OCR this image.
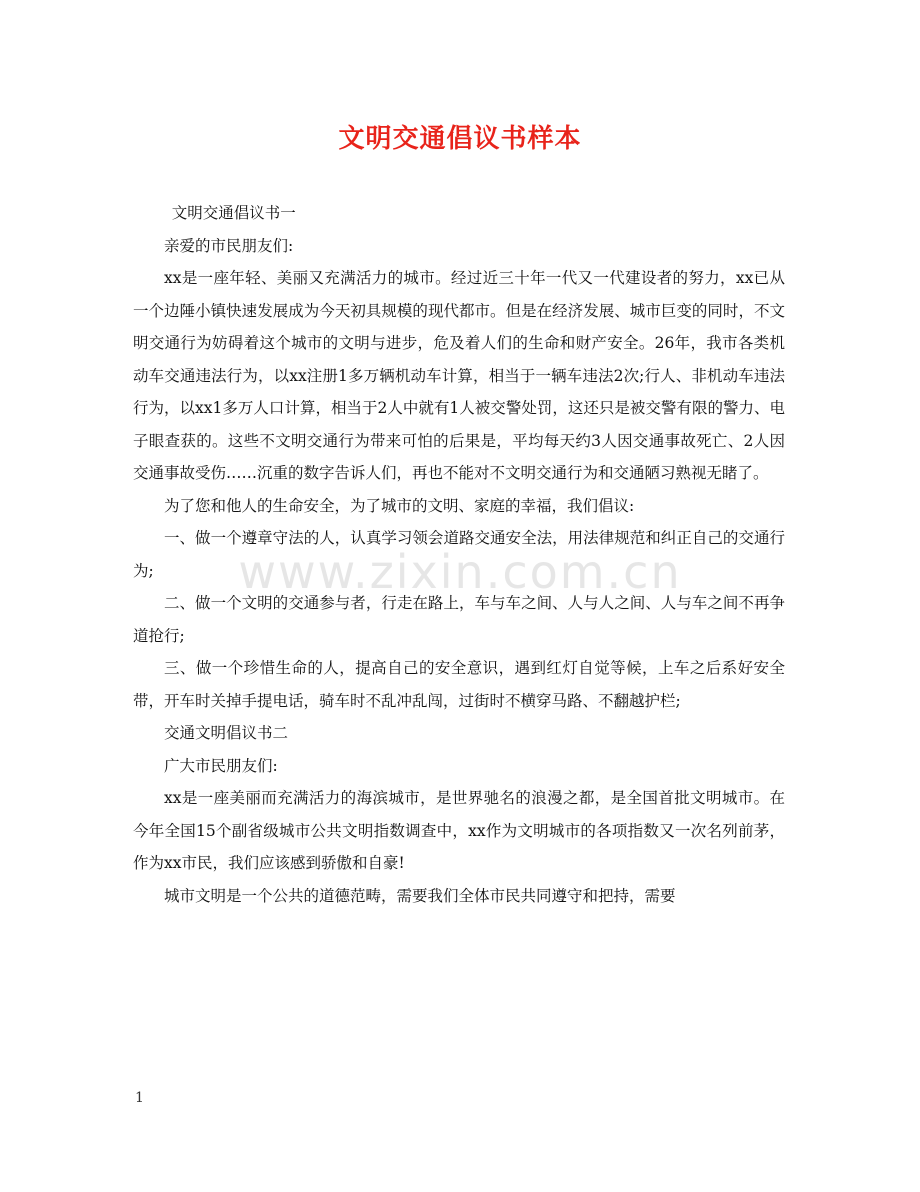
文明交通倡议书样本

文明交通倡议书一

亲爱的市民朋友们:

xx是一座年轻、美丽又充满活力的城市。经过近三十年一代又一代建设者的努力，xx已从一个边陲小镇快速发展成为今天初具规模的现代都市。但是在经济发展、城市巨变的同时，不文明交通行为妨碍着这个城市的文明与进步，危及着人们的生命和财产安全。26年，我市各类机动车交通违法行为，以xx注册1多万辆机动车计算，相当于一辆车违法2次;行人、非机动车违法行为，以xx1多万人口计算，相当于2人中就有1人被交警处罚，这还只是被交警有限的警力、电子眼查获的。这些不文明交通行为带来可怕的后果是，平均每天约3人因交通事故死亡、2人因交通事故受伤……沉重的数字告诉人们，再也不能对不文明交通行为和交通陋习熟视无睹了。

为了您和他人的生命安全，为了城市的文明、家庭的幸福，我们倡议:

一、做一个遵章守法的人，认真学习领会道路交通安全法，用法律规范和纠正自己的交通行为;

二、做一个文明的交通参与者，行走在路上，车与车之间、人与人之间、人与车之间不再争道抢行;

三、做一个珍惜生命的人，提高自己的安全意识，遇到红灯自觉等候，上车之后系好安全带，开车时关掉手提电话，骑车时不乱冲乱闯，过街时不横穿马路、不翻越护栏;

交通文明倡议书二

广大市民朋友们:

xx是一座美丽而充满活力的海滨城市，是世界驰名的浪漫之都，是全国首批文明城市。在今年全国15个副省级城市公共文明指数调查中，xx作为文明城市的各项指数又一次名列前茅，作为xx市民，我们应该感到骄傲和自豪!

城市文明是一个公共的道德范畴，需要我们全体市民共同遵守和把持，需要

www.zixin.com.cn
1
